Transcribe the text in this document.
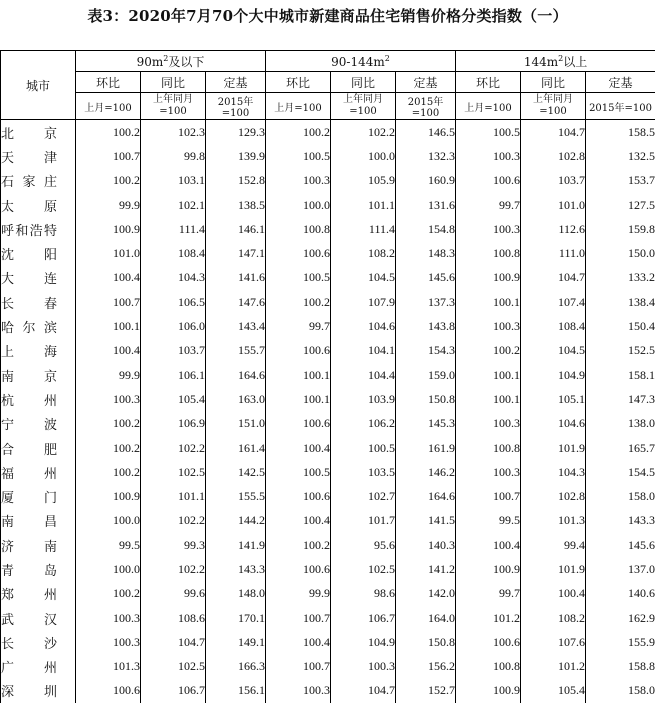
表3：2020年7月70个大中城市新建商品住宅销售价格分类指数（一）
城市	$90m^2$及以下			$90-144m^2$			$144m^2$以上		
	环比	同比	定基	环比	同比	定基	环比	同比	定基
	上月=100	上年同月=100	2015年=100	上月=100	上年同月=100	2015年=100	上月=100	上年同月=100	2015年=100
北京	100.2	102.3	129.3	100.2	102.2	146.5	100.5	104.7	158.5
天津	100.7	99.8	139.9	100.5	100.0	132.3	100.3	102.8	132.5
石家庄	100.2	103.1	152.8	100.3	105.9	160.9	100.6	103.7	153.7
太原	99.9	102.1	138.5	100.0	101.1	131.6	99.7	101.0	127.5
呼和浩特	100.9	111.4	146.1	100.8	111.4	154.8	100.3	112.6	159.8
沈阳	101.0	108.4	147.1	100.6	108.2	148.3	100.8	111.0	150.0
大连	100.4	104.3	141.6	100.5	104.5	145.6	100.9	104.7	133.2
长春	100.7	106.5	147.6	100.2	107.9	137.3	100.1	107.4	138.4
哈尔滨	100.1	106.0	143.4	99.7	104.6	143.8	100.3	108.4	150.4
上海	100.4	103.7	155.7	100.6	104.1	154.3	100.2	104.5	152.5
南京	99.9	106.1	164.6	100.1	104.4	159.0	100.1	104.9	158.1
杭州	100.3	105.4	163.0	100.1	103.9	150.8	100.1	105.1	147.3
宁波	100.2	106.9	151.0	100.6	106.2	145.3	100.3	104.6	138.0
合肥	100.2	102.2	161.4	100.4	100.5	161.9	100.8	101.9	165.7
福州	100.2	102.5	142.5	100.5	103.5	146.2	100.3	104.3	154.5
厦门	100.9	101.1	155.5	100.6	102.7	164.6	100.7	102.8	158.0
南昌	100.0	102.2	144.2	100.4	101.7	141.5	99.5	101.3	143.3
济南	99.5	99.3	141.9	100.2	95.6	140.3	100.4	99.4	145.6
青岛	100.0	102.2	143.3	100.6	102.5	141.2	100.9	101.9	137.0
郑州	100.2	99.6	148.0	99.9	98.6	142.0	99.7	100.4	140.6
武汉	100.3	108.6	170.1	100.7	106.7	164.0	101.2	108.2	162.9
长沙	100.3	104.7	149.1	100.4	104.9	150.8	100.6	107.6	155.9
广州	101.3	102.5	166.3	100.7	100.3	156.2	100.8	101.2	158.8
深圳	100.6	106.7	156.1	100.3	104.7	152.7	100.9	105.4	158.0
